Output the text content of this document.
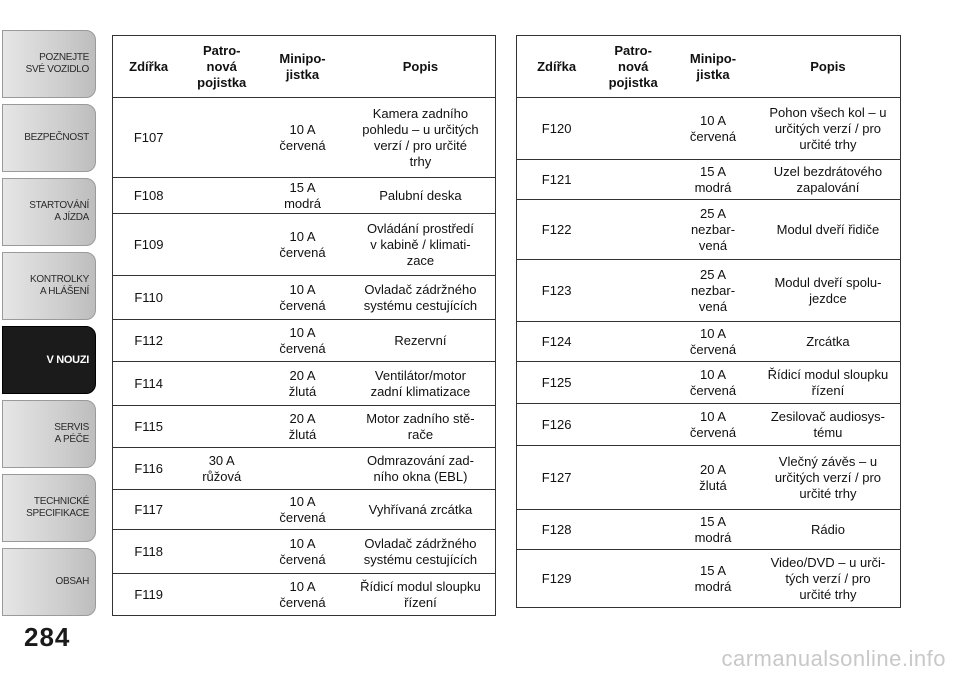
POZNEJTE
SVÉ VOZIDLO
BEZPEČNOST
STARTOVÁNÍ
A JÍZDA
KONTROLKY
A HLÁŠENÍ
V NOUZI
SERVIS
A PÉČE
TECHNICKÉ
SPECIFIKACE
OBSAH
284
Zdířka	Patro-
nová
pojistka	Minipo-
jistka	Popis
F107		10 A
červená	Kamera zadního
pohledu – u určitých
verzí / pro určité
trhy
F108		15 A
modrá	Palubní deska
F109		10 A
červená	Ovládání prostředí
v kabině / klimati-
zace
F110		10 A
červená	Ovladač zádržného
systému cestujících
F112		10 A
červená	Rezervní
F114		20 A
žlutá	Ventilátor/motor
zadní klimatizace
F115		20 A
žlutá	Motor zadního stě-
rače
F116	30 A
růžová		Odmrazování zad-
ního okna (EBL)
F117		10 A
červená	Vyhřívaná zrcátka
F118		10 A
červená	Ovladač zádržného
systému cestujících
F119		10 A
červená	Řídicí modul sloupku
řízení
Zdířka	Patro-
nová
pojistka	Minipo-
jistka	Popis
F120		10 A
červená	Pohon všech kol – u
určitých verzí / pro
určité trhy
F121		15 A
modrá	Uzel bezdrátového
zapalování
F122		25 A
nezbar-
vená	Modul dveří řidiče
F123		25 A
nezbar-
vená	Modul dveří spolu-
jezdce
F124		10 A
červená	Zrcátka
F125		10 A
červená	Řídicí modul sloupku
řízení
F126		10 A
červená	Zesilovač audiosys-
tému
F127		20 A
žlutá	Vlečný závěs – u
určitých verzí / pro
určité trhy
F128		15 A
modrá	Rádio
F129		15 A
modrá	Video/DVD – u urči-
tých verzí / pro
určité trhy
carmanualsonline.info
